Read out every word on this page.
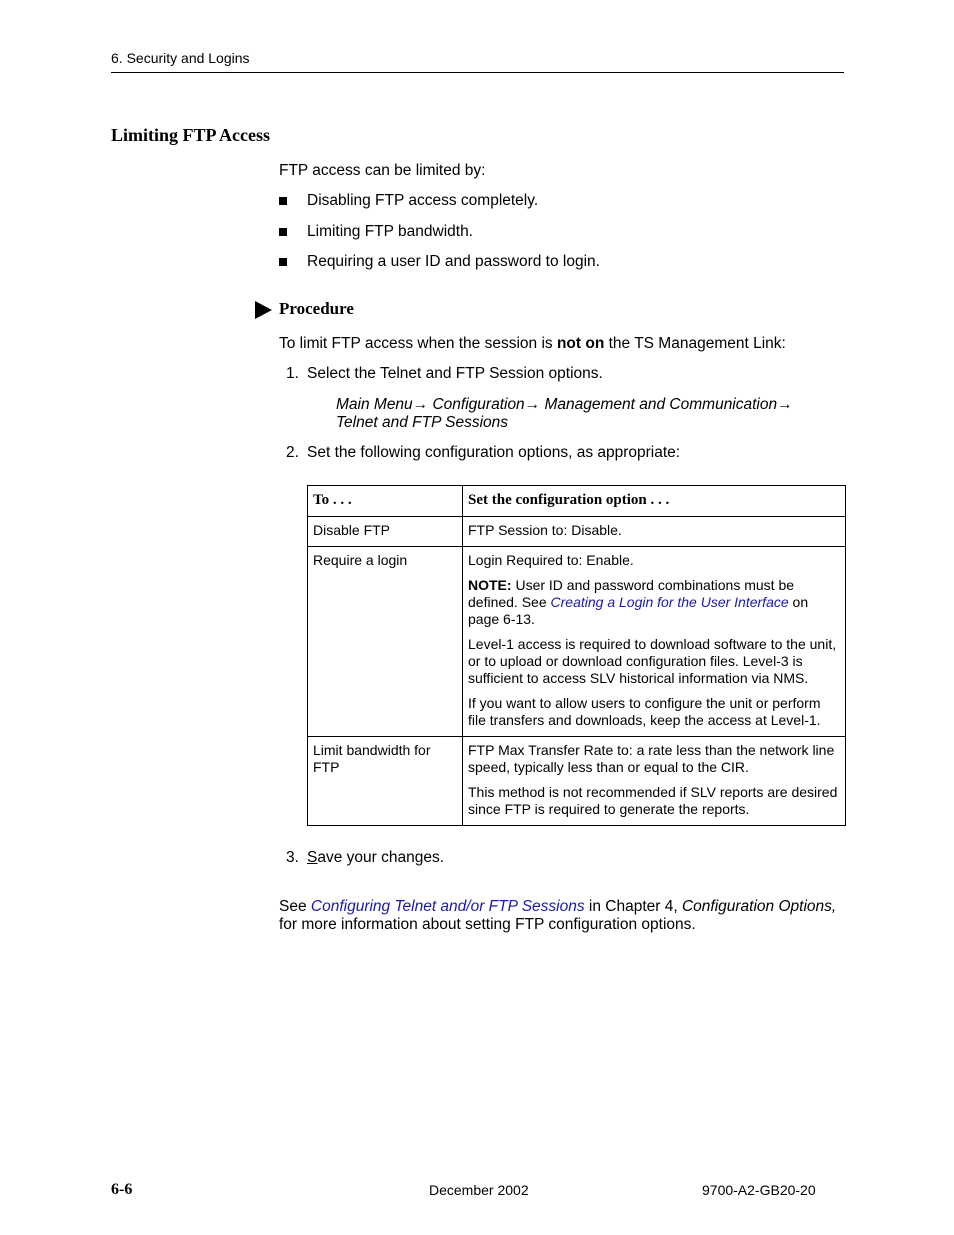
6. Security and Logins
Limiting FTP Access
FTP access can be limited by:
Disabling FTP access completely.
Limiting FTP bandwidth.
Requiring a user ID and password to login.
Procedure
To limit FTP access when the session is not on the TS Management Link:
1. Select the Telnet and FTP Session options.
Main Menu→ Configuration→ Management and Communication→
Telnet and FTP Sessions
2. Set the following configuration options, as appropriate:
To . . .	Set the configuration option . . .
Disable FTP	FTP Session to: Disable.
Require a login	Login Required to: Enable.

NOTE: User ID and password combinations must be defined. See Creating a Login for the User Interface on page 6-13.

Level-1 access is required to download software to the unit, or to upload or download configuration files. Level-3 is sufficient to access SLV historical information via NMS.

If you want to allow users to configure the unit or perform file transfers and downloads, keep the access at Level-1.

Limit bandwidth for FTP	FTP Max Transfer Rate to: a rate less than the network line speed, typically less than or equal to the CIR.

This method is not recommended if SLV reports are desired since FTP is required to generate the reports.

3. Save your changes.
See Configuring Telnet and/or FTP Sessions in Chapter 4, Configuration Options,
for more information about setting FTP configuration options.
6-6	December 2002	9700-A2-GB20-20
